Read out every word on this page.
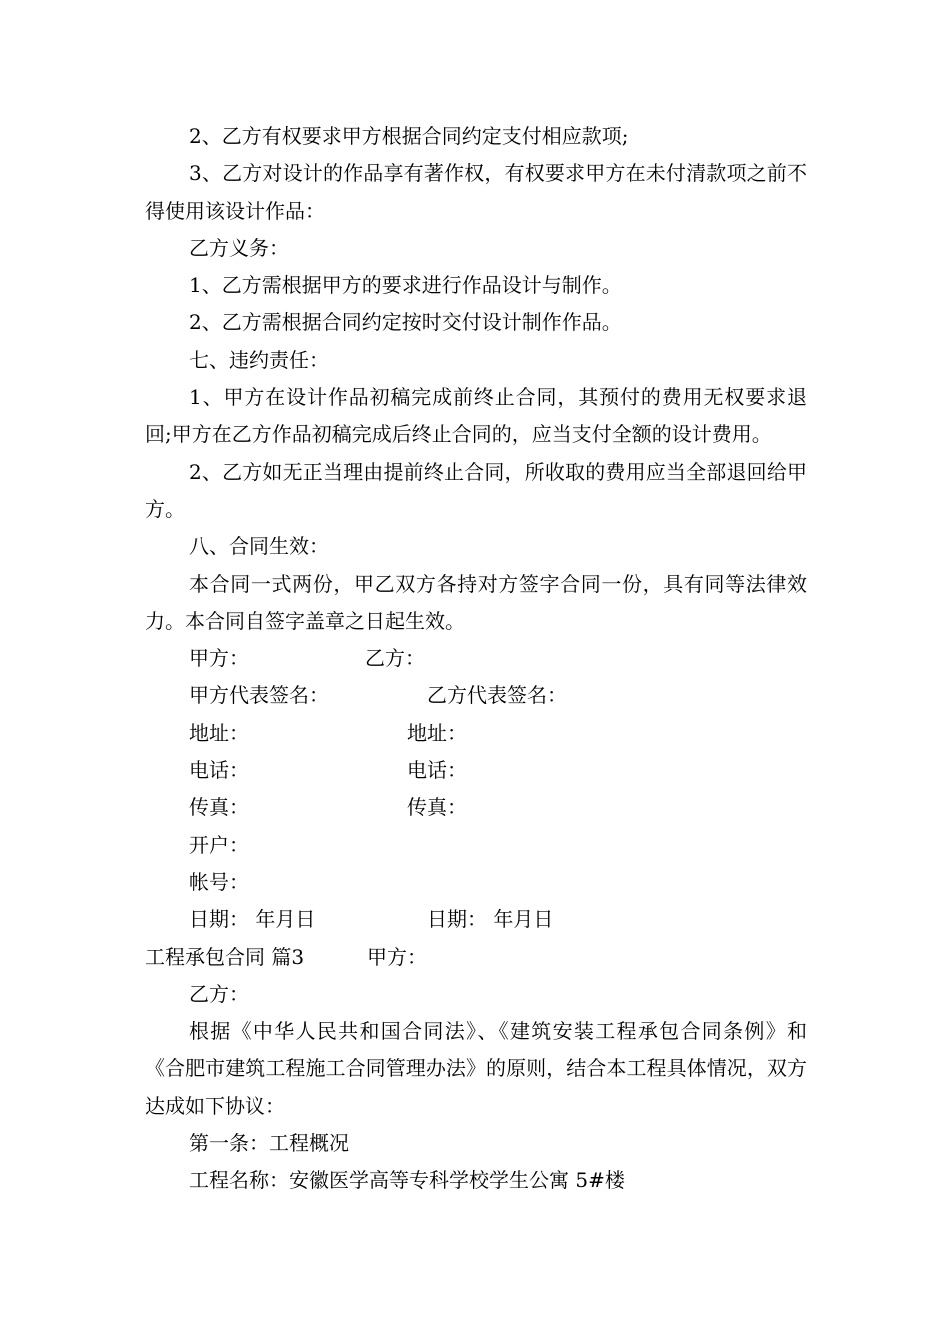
2、乙方有权要求甲方根据合同约定支付相应款项;

3、乙方对设计的作品享有著作权，有权要求甲方在未付清款项之前不得使用该设计作品：

乙方义务：

1、乙方需根据甲方的要求进行作品设计与制作。

2、乙方需根据合同约定按时交付设计制作作品。

七、违约责任：

1、甲方在设计作品初稿完成前终止合同，其预付的费用无权要求退回;甲方在乙方作品初稿完成后终止合同的，应当支付全额的设计费用。

2、乙方如无正当理由提前终止合同，所收取的费用应当全部退回给甲方。

八、合同生效：

本合同一式两份，甲乙双方各持对方签字合同一份，具有同等法律效力。本合同自签字盖章之日起生效。

甲方：	乙方：
甲方代表签名：	乙方代表签名：
地址：	地址：
电话：	电话：
传真：	传真：

开户：

帐号：

日期： 年月日	日期： 年月日
工程承包合同 篇3	甲方：

乙方：

根据《中华人民共和国合同法》、《建筑安装工程承包合同条例》和《合肥市建筑工程施工合同管理办法》的原则，结合本工程具体情况，双方达成如下协议：

第一条：工程概况

工程名称：安徽医学高等专科学校学生公寓 5#楼
